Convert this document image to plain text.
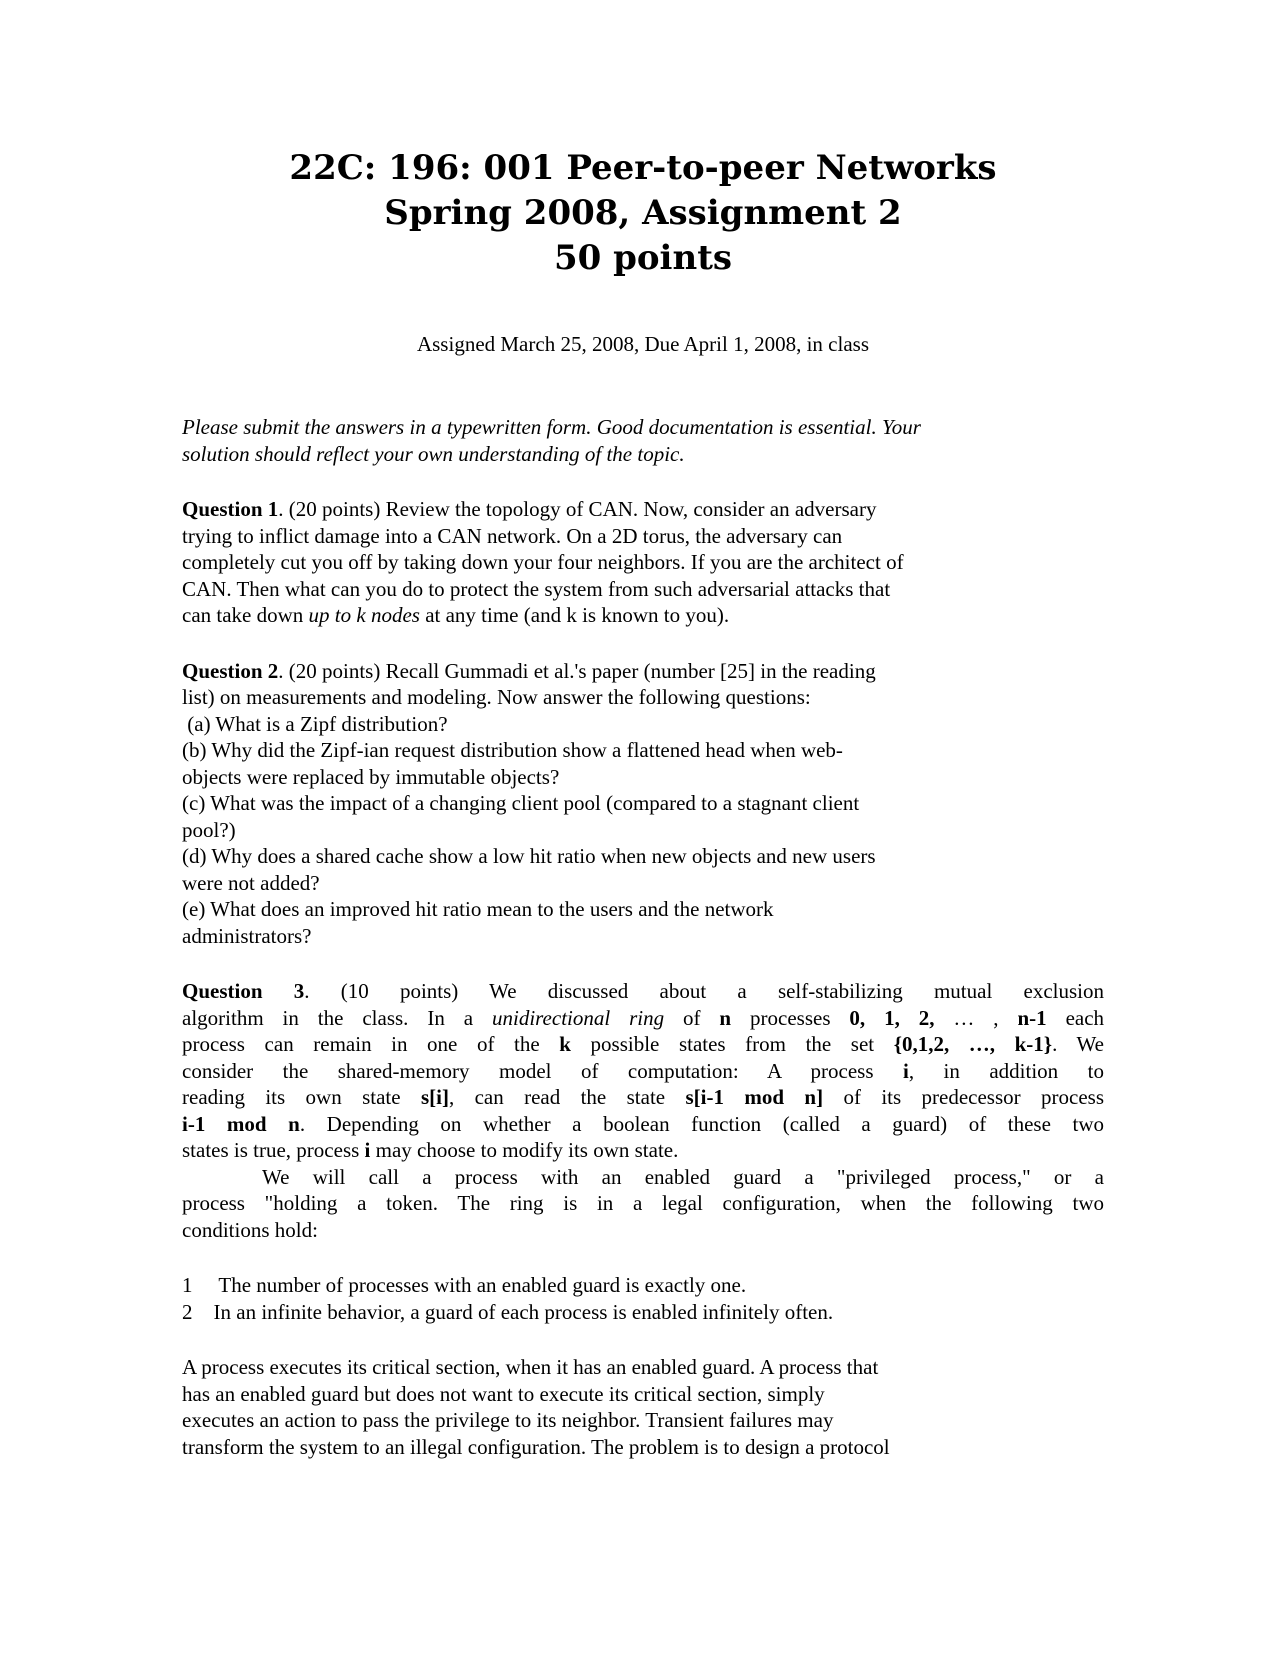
22C: 196: 001 Peer-to-peer Networks
Spring 2008, Assignment 2
50 points
Assigned March 25, 2008, Due April 1, 2008, in class
Please submit the answers in a typewritten form. Good documentation is essential. Your
solution should reflect your own understanding of the topic.
Question 1. (20 points) Review the topology of CAN. Now, consider an adversary
trying to inflict damage into a CAN network. On a 2D torus, the adversary can
completely cut you off by taking down your four neighbors. If you are the architect of
CAN. Then what can you do to protect the system from such adversarial attacks that
can take down up to k nodes at any time (and k is known to you).
Question 2. (20 points) Recall Gummadi et al.'s paper (number [25] in the reading
list) on measurements and modeling. Now answer the following questions:
(a) What is a Zipf distribution?
(b) Why did the Zipf-ian request distribution show a flattened head when web-
objects were replaced by immutable objects?
(c) What was the impact of a changing client pool (compared to a stagnant client
pool?)
(d) Why does a shared cache show a low hit ratio when new objects and new users
were not added?
(e) What does an improved hit ratio mean to the users and the network
administrators?
Question 3. (10 points) We discussed about a self-stabilizing mutual exclusion
algorithm in the class. In a unidirectional ring of n processes 0, 1, 2, … , n-1 each
process can remain in one of the k possible states from the set {0,1,2, …, k-1}. We
consider the shared-memory model of computation: A process i, in addition to
reading its own state s[i], can read the state s[i-1 mod n] of its predecessor process
i-1 mod n. Depending on whether a boolean function (called a guard) of these two
states is true, process i may choose to modify its own state.
We will call a process with an enabled guard a "privileged process," or a
process "holding a token. The ring is in a legal configuration, when the following two
conditions hold:
1     The number of processes with an enabled guard is exactly one.
2    In an infinite behavior, a guard of each process is enabled infinitely often.
A process executes its critical section, when it has an enabled guard. A process that
has an enabled guard but does not want to execute its critical section, simply
executes an action to pass the privilege to its neighbor. Transient failures may
transform the system to an illegal configuration. The problem is to design a protocol
